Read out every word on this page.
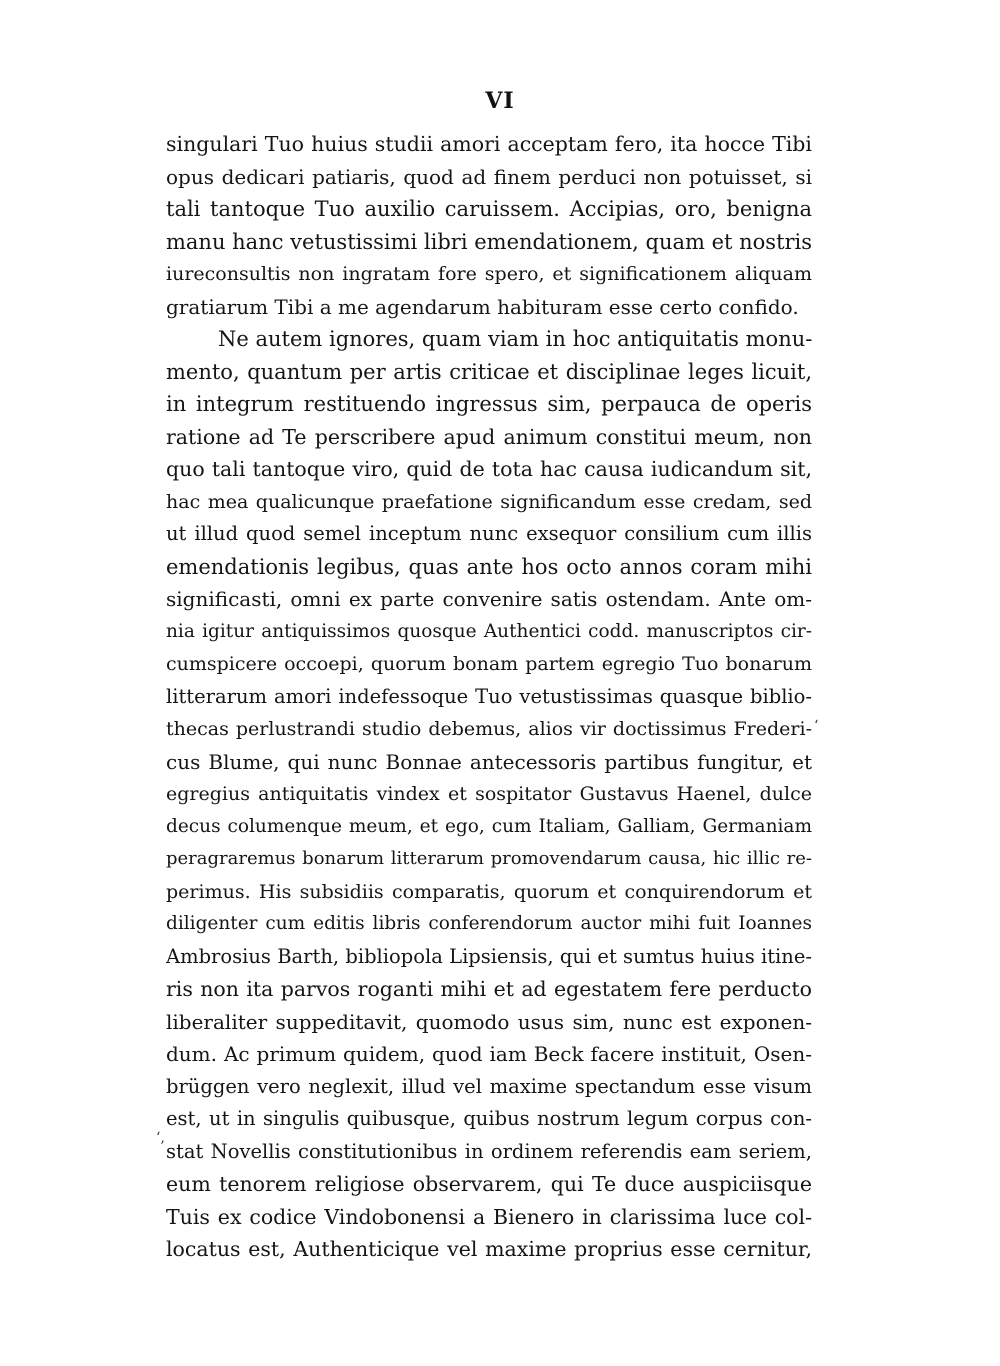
VI
singulari Tuo huius studii amori acceptam fero, ita hocce Tibi
opus dedicari patiaris, quod ad finem perduci non potuisset, si
tali tantoque Tuo auxilio caruissem. Accipias, oro, benigna
manu hanc vetustissimi libri emendationem, quam et nostris
iureconsultis non ingratam fore spero, et significationem aliquam
gratiarum Tibi a me agendarum habituram esse certo confido.
Ne autem ignores, quam viam in hoc antiquitatis monu-
mento, quantum per artis criticae et disciplinae leges licuit,
in integrum restituendo ingressus sim, perpauca de operis
ratione ad Te perscribere apud animum constitui meum, non
quo tali tantoque viro, quid de tota hac causa iudicandum sit,
hac mea qualicunque praefatione significandum esse credam, sed
ut illud quod semel inceptum nunc exsequor consilium cum illis
emendationis legibus, quas ante hos octo annos coram mihi
significasti, omni ex parte convenire satis ostendam. Ante om-
nia igitur antiquissimos quosque Authentici codd. manuscriptos cir-
cumspicere occoepi, quorum bonam partem egregio Tuo bonarum
litterarum amori indefessoque Tuo vetustissimas quasque biblio-
thecas perlustrandi studio debemus, alios vir doctissimus Frederi-
cus Blume, qui nunc Bonnae antecessoris partibus fungitur, et
egregius antiquitatis vindex et sospitator Gustavus Haenel, dulce
decus columenque meum, et ego, cum Italiam, Galliam, Germaniam
peragraremus bonarum litterarum promovendarum causa, hic illic re-
perimus. His subsidiis comparatis, quorum et conquirendorum et
diligenter cum editis libris conferendorum auctor mihi fuit Ioannes
Ambrosius Barth, bibliopola Lipsiensis, qui et sumtus huius itine-
ris non ita parvos roganti mihi et ad egestatem fere perducto
liberaliter suppeditavit, quomodo usus sim, nunc est exponen-
dum. Ac primum quidem, quod iam Beck facere instituit, Osen-
brüggen vero neglexit, illud vel maxime spectandum esse visum
est, ut in singulis quibusque, quibus nostrum legum corpus con-
stat Novellis constitutionibus in ordinem referendis eam seriem,
eum tenorem religiose observarem, qui Te duce auspiciisque
Tuis ex codice Vindobonensi a Bienero in clarissima luce col-
locatus est, Authenticique vel maxime proprius esse cernitur,
‘
ʻ,
